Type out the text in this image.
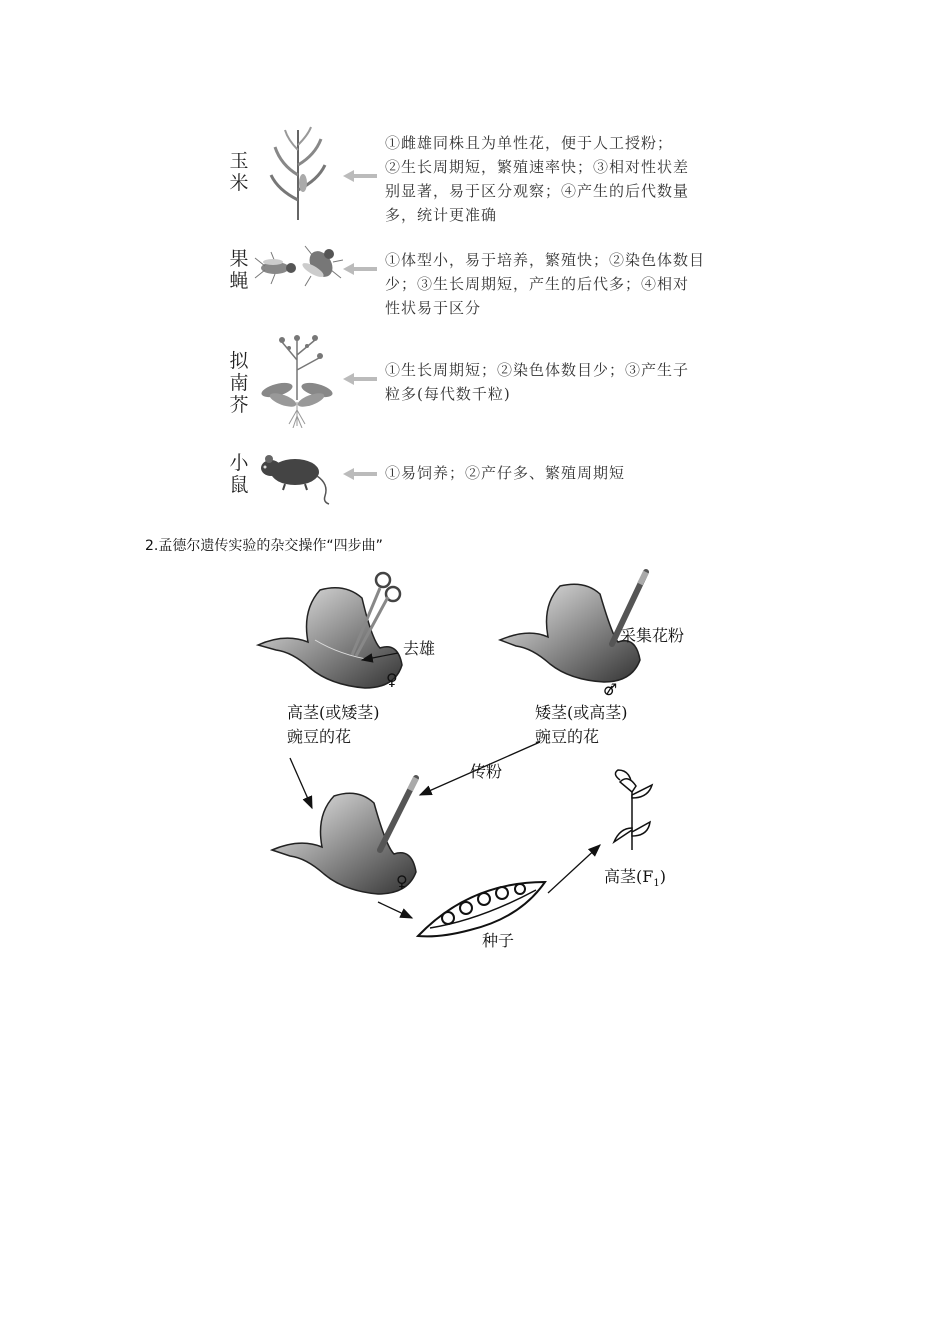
玉米
①雌雄同株且为单性花，便于人工授粉；
②生长周期短，繁殖速率快；③相对性状差
别显著，易于区分观察；④产生的后代数量
多，统计更准确
果蝇
①体型小，易于培养，繁殖快；②染色体数目
少；③生长周期短，产生的后代多；④相对
性状易于区分
拟南芥
①生长周期短；②染色体数目少；③产生子
粒多(每代数千粒)
小鼠
①易饲养；②产仔多、繁殖周期短
2.孟德尔遗传实验的杂交操作“四步曲”
去雄
♀
采集花粉
♂
高茎(或矮茎)
豌豆的花
矮茎(或高茎)
豌豆的花
传粉
♀
种子
高茎$(F_1)$
